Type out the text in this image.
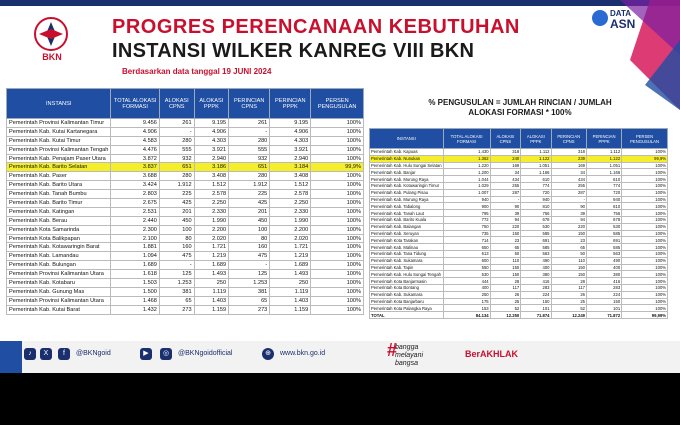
BKN
PROGRES PERENCANAAN KEBUTUHAN
INSTANSI WILKER KANREG VIII BKN
Berdasarkan data tanggal 19 JUNI 2024
DATA
ASN
INSTANSI	TOTAL ALOKASI FORMASI	ALOKASI CPNS	ALOKASI PPPK	PERINCIAN CPNS	PERINCIAN PPPK	PERSEN PENGUSULAN
Pemerintah Provinsi Kalimantan Timur	9.456	261	9.195	261	9.195	100%
Pemerintah Kab. Kutai Kartanegara	4.906	-	4.906	-	4.906	100%
Pemerintah Kab. Kutai Timur	4.583	280	4.303	280	4.303	100%
Pemerintah Provinsi Kalimantan Tengah	4.476	555	3.921	555	3.921	100%
Pemerintah Kab. Penajam Paser Utara	3.872	932	2.940	932	2.940	100%
Pemerintah Kab. Barito Selatan	3.837	651	3.186	651	3.184	99,9%
Pemerintah Kab. Paser	3.688	280	3.408	280	3.408	100%
Pemerintah Kab. Barito Utara	3.424	1.912	1.512	1.912	1.512	100%
Pemerintah Kab. Tanah Bumbu	2.803	225	2.578	225	2.578	100%
Pemerintah Kab. Barito Timur	2.675	425	2.250	425	2.250	100%
Pemerintah Kab. Katingan	2.531	201	2.330	201	2.330	100%
Pemerintah Kab. Berau	2.440	450	1.990	450	1.990	100%
Pemerintah Kota Samarinda	2.300	100	2.200	100	2.200	100%
Pemerintah Kota Balikpapan	2.100	80	2.020	80	2.020	100%
Pemerintah Kab. Kotawaringin Barat	1.881	160	1.721	160	1.721	100%
Pemerintah Kab. Lamandau	1.094	475	1.219	475	1.219	100%
Pemerintah Kab. Bulungan	1.689	-	1.689	-	1.689	100%
Pemerintah Provinsi Kalimantan Utara	1.618	125	1.493	125	1.493	100%
Pemerintah Kab. Kotabaru	1.503	1.253	250	1.253	250	100%
Pemerintah Kab. Gunung Mas	1.500	381	1.119	381	1.119	100%
Pemerintah Provinsi Kalimantan Utara	1.468	65	1.403	65	1.403	100%
Pemerintah Kab. Kutai Barat	1.432	273	1.159	273	1.159	100%
% PENGUSULAN = JUMLAH RINCIAN / JUMLAH
ALOKASI FORMASI * 100%
INSTANSI	TOTAL ALOKASI FORMASI	ALOKASI CPNS	ALOKASI PPPK	PERINCIAN CPNS	PERINCIAN PPPK	PERSEN PENGUSULAN
Pemerintah Kab. Kapuas	1.430	318	1.112	318	1.112	100%
Pemerintah Kab. Nunukan	1.362	240	1.122	239	1.122	99,9%
Pemerintah Kab. Hulu Sungai Selatan	1.220	169	1.051	169	1.051	100%
Pemerintah Kab. Banjar	1.200	34	1.166	34	1.166	100%
Pemerintah Kab. Murung Raya	1.044	434	610	434	610	100%
Pemerintah Kab. Kotawaringin Timur	1.029	255	774	255	774	100%
Pemerintah Kab. Pulang Pisau	1.007	287	720	287	720	100%
Pemerintah Kab. Murung Raya	940	-	940	-	940	100%
Pemerintah Kab. Tabalong	900	90	810	90	810	100%
Pemerintah Kab. Tanah Laut	795	39	756	39	756	100%
Pemerintah Kab. Barito Kuala	772	94	678	94	678	100%
Pemerintah Kab. Balangan	750	220	530	220	530	100%
Pemerintah Kab. Seruyan	735	150	585	150	585	100%
Pemerintah Kota Tarakan	714	23	691	23	691	100%
Pemerintah Kab. Malinau	650	65	585	65	585	100%
Pemerintah Kab. Tana Tidung	613	50	563	50	563	100%
Pemerintah Kab. Sukamara	600	110	490	110	490	100%
Pemerintah Kab. Tapin	550	150	400	150	400	100%
Pemerintah Kab. Hulu Sungai Tengah	530	150	380	150	380	100%
Pemerintah Kota Banjarmasin	444	28	416	28	416	100%
Pemerintah Kota Bontang	400	117	283	117	283	100%
Pemerintah Kab. Sukamara	250	26	224	26	224	100%
Pemerintah Kota Banjarbaru	175	25	150	25	150	100%
Pemerintah Kota Palangka Raya	153	52	101	52	101	100%
TOTAL	84.134	12.250	71.874	12.249	71.872	99,99%
♪	X	f	@BKNgoid	▶	◎	@BKNgoidofficial	⊕	www.bkn.go.id	#
bangga
melayani
bangsa
BerAKHLAK
